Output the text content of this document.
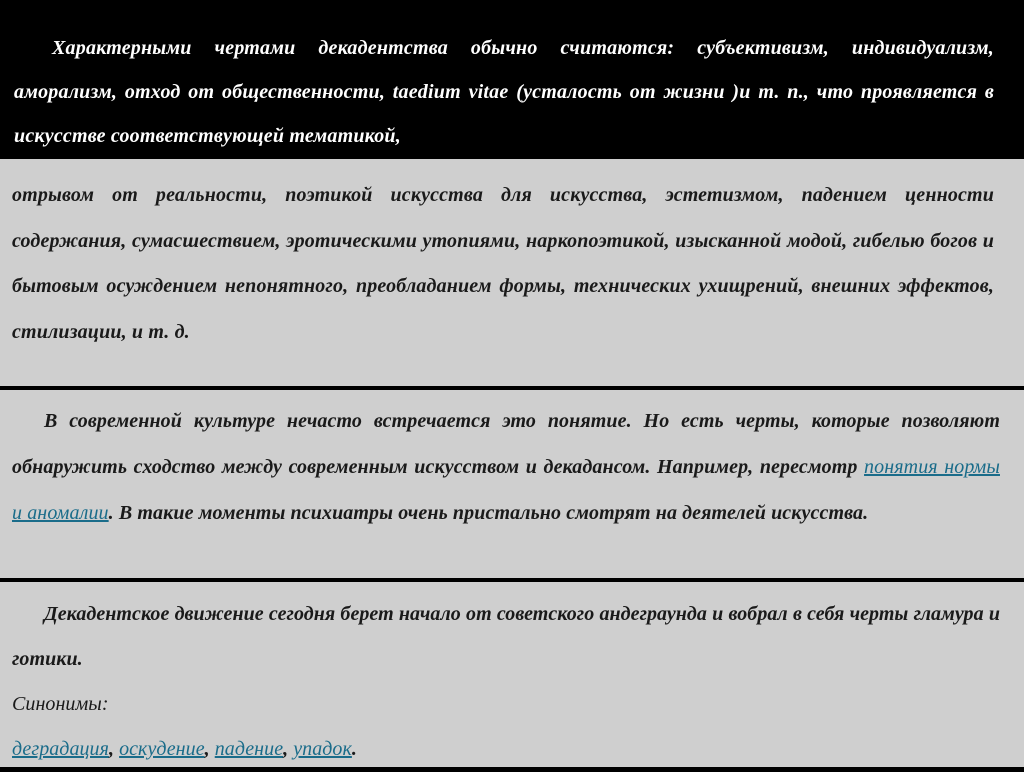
Характерными чертами декадентства обычно считаются: субъективизм, индивидуализм, аморализм, отход от общественности, taedium vitae (усталость от жизни )и т. п., что проявляется в искусстве соответствующей тематикой,

отрывом от реальности, поэтикой искусства для искусства, эстетизмом, падением ценности содержания, сумасшествием, эротическими утопиями, наркопоэтикой, изысканной модой, гибелью богов и бытовым осуждением непонятного, преобладанием формы, технических ухищрений, внешних эффектов, стилизации, и т. д.

В современной культуре нечасто встречается это понятие. Но есть черты, которые позволяют обнаружить сходство между современным искусством и декадансом. Например, пересмотр понятия нормы и аномалии. В такие моменты психиатры очень пристально смотрят на деятелей искусства.

Декадентское движение сегодня берет начало от советского андеграунда и вобрал в себя черты гламура и готики.

Синонимы:

деградация, оскудение, падение, упадок.
